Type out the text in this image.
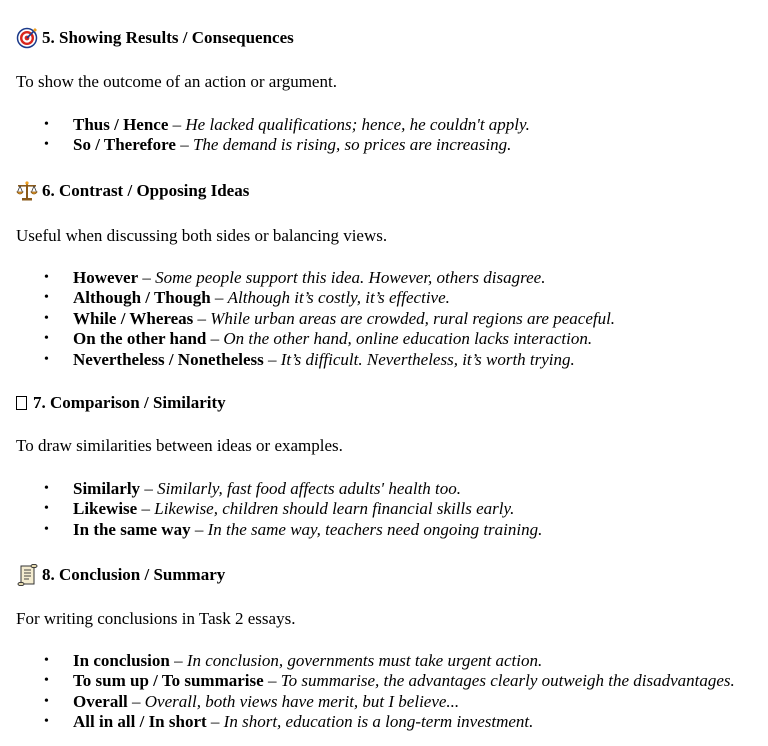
5. Showing Results / Consequences
To show the outcome of an action or argument.
• Thus / Hence – He lacked qualifications; hence, he couldn't apply.
• So / Therefore – The demand is rising, so prices are increasing.
6. Contrast / Opposing Ideas
Useful when discussing both sides or balancing views.
• However – Some people support this idea. However, others disagree.
• Although / Though – Although it’s costly, it’s effective.
• While / Whereas – While urban areas are crowded, rural regions are peaceful.
• On the other hand – On the other hand, online education lacks interaction.
• Nevertheless / Nonetheless – It’s difficult. Nevertheless, it’s worth trying.
7. Comparison / Similarity
To draw similarities between ideas or examples.
• Similarly – Similarly, fast food affects adults' health too.
• Likewise – Likewise, children should learn financial skills early.
• In the same way – In the same way, teachers need ongoing training.
8. Conclusion / Summary
For writing conclusions in Task 2 essays.
• In conclusion – In conclusion, governments must take urgent action.
• To sum up / To summarise – To summarise, the advantages clearly outweigh the disadvantages.
• Overall – Overall, both views have merit, but I believe...
• All in all / In short – In short, education is a long-term investment.
